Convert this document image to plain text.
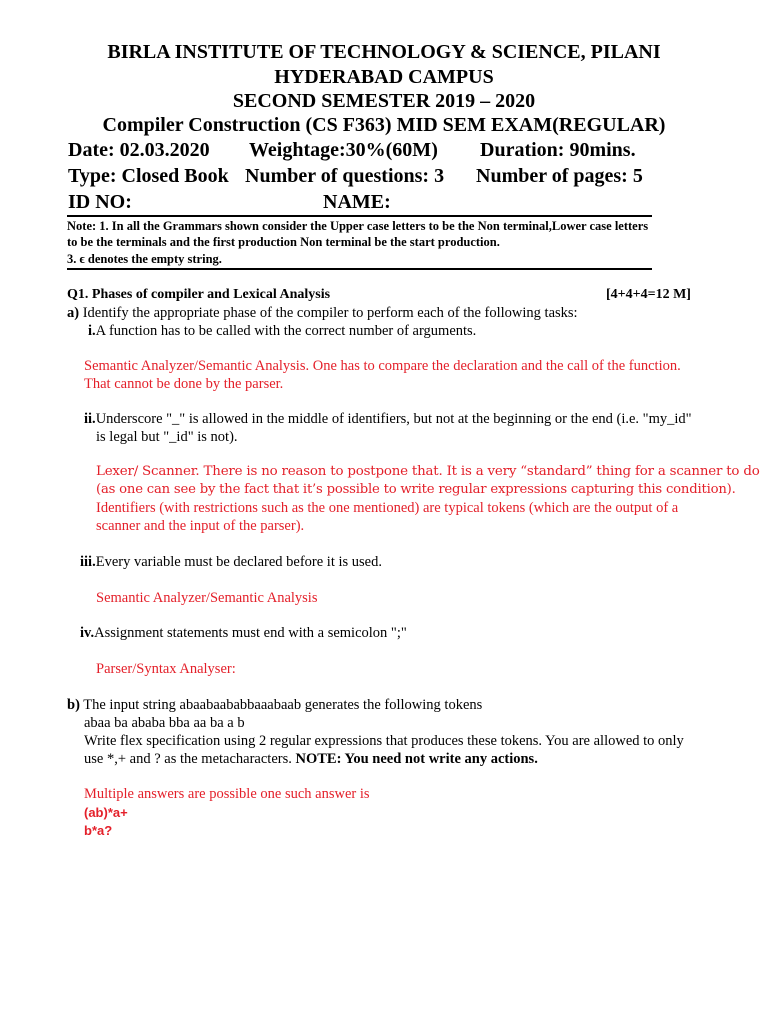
BIRLA INSTITUTE OF TECHNOLOGY & SCIENCE, PILANI
HYDERABAD CAMPUS
SECOND SEMESTER 2019 – 2020
Compiler Construction (CS F363) MID SEM EXAM(REGULAR)
Date: 02.03.2020 Weightage:30%(60M) Duration: 90mins.
Type: Closed Book Number of questions: 3 Number of pages: 5
ID NO:	NAME:
Note: 1. In all the Grammars shown consider the Upper case letters to be the Non terminal,Lower case letters
to be the terminals and the first production Non terminal be the start production.
3. ϵ denotes the empty string.
Q1. Phases of compiler and Lexical Analysis	[4+4+4=12 M]
a) Identify the appropriate phase of the compiler to perform each of the following tasks:
i.A function has to be called with the correct number of arguments.
Semantic Analyzer/Semantic Analysis. One has to compare the declaration and the call of the function.
That cannot be done by the parser.
ii.Underscore "_" is allowed in the middle of identifiers, but not at the beginning or the end (i.e. "my_id"
is legal but "_id" is not).
Lexer/ Scanner. There is no reason to postpone that. It is a very “standard” thing for a scanner to do
(as one can see by the fact that it’s possible to write regular expressions capturing this condition).
Identifiers (with restrictions such as the one mentioned) are typical tokens (which are the output of a
scanner and the input of the parser).
iii.Every variable must be declared before it is used.
Semantic Analyzer/Semantic Analysis
iv.Assignment statements must end with a semicolon ";"
Parser/Syntax Analyser:
b) The input string abaabaababbaaabaab generates the following tokens
abaa ba ababa bba aa ba a b
Write flex specification using 2 regular expressions that produces these tokens. You are allowed to only
use *,+ and ? as the metacharacters. NOTE: You need not write any actions.
Multiple answers are possible one such answer is
(ab)*a+
b*a?
